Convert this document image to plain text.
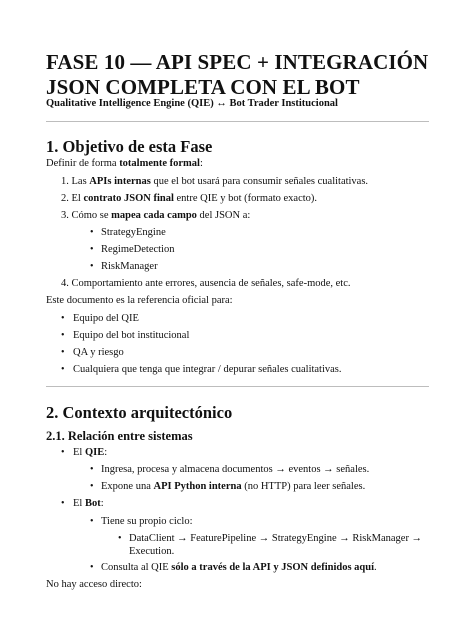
FASE 10 — API SPEC + INTEGRACIÓN
JSON COMPLETA CON EL BOT
Qualitative Intelligence Engine (QIE) ↔ Bot Trader Institucional
1. Objetivo de esta Fase
Definir de forma totalmente formal:
1. Las APIs internas que el bot usará para consumir señales cualitativas.
2. El contrato JSON final entre QIE y bot (formato exacto).
3. Cómo se mapea cada campo del JSON a:
• StrategyEngine
• RegimeDetection
• RiskManager
4. Comportamiento ante errores, ausencia de señales, safe-mode, etc.
Este documento es la referencia oficial para:
• Equipo del QIE
• Equipo del bot institucional
• QA y riesgo
• Cualquiera que tenga que integrar / depurar señales cualitativas.
2. Contexto arquitectónico
2.1. Relación entre sistemas
• El QIE:
• Ingresa, procesa y almacena documentos → eventos → señales.
• Expone una API Python interna (no HTTP) para leer señales.
• El Bot:
• Tiene su propio ciclo:
• DataClient → FeaturePipeline → StrategyEngine → RiskManager →
Execution.
• Consulta al QIE sólo a través de la API y JSON definidos aquí.
No hay acceso directo:
